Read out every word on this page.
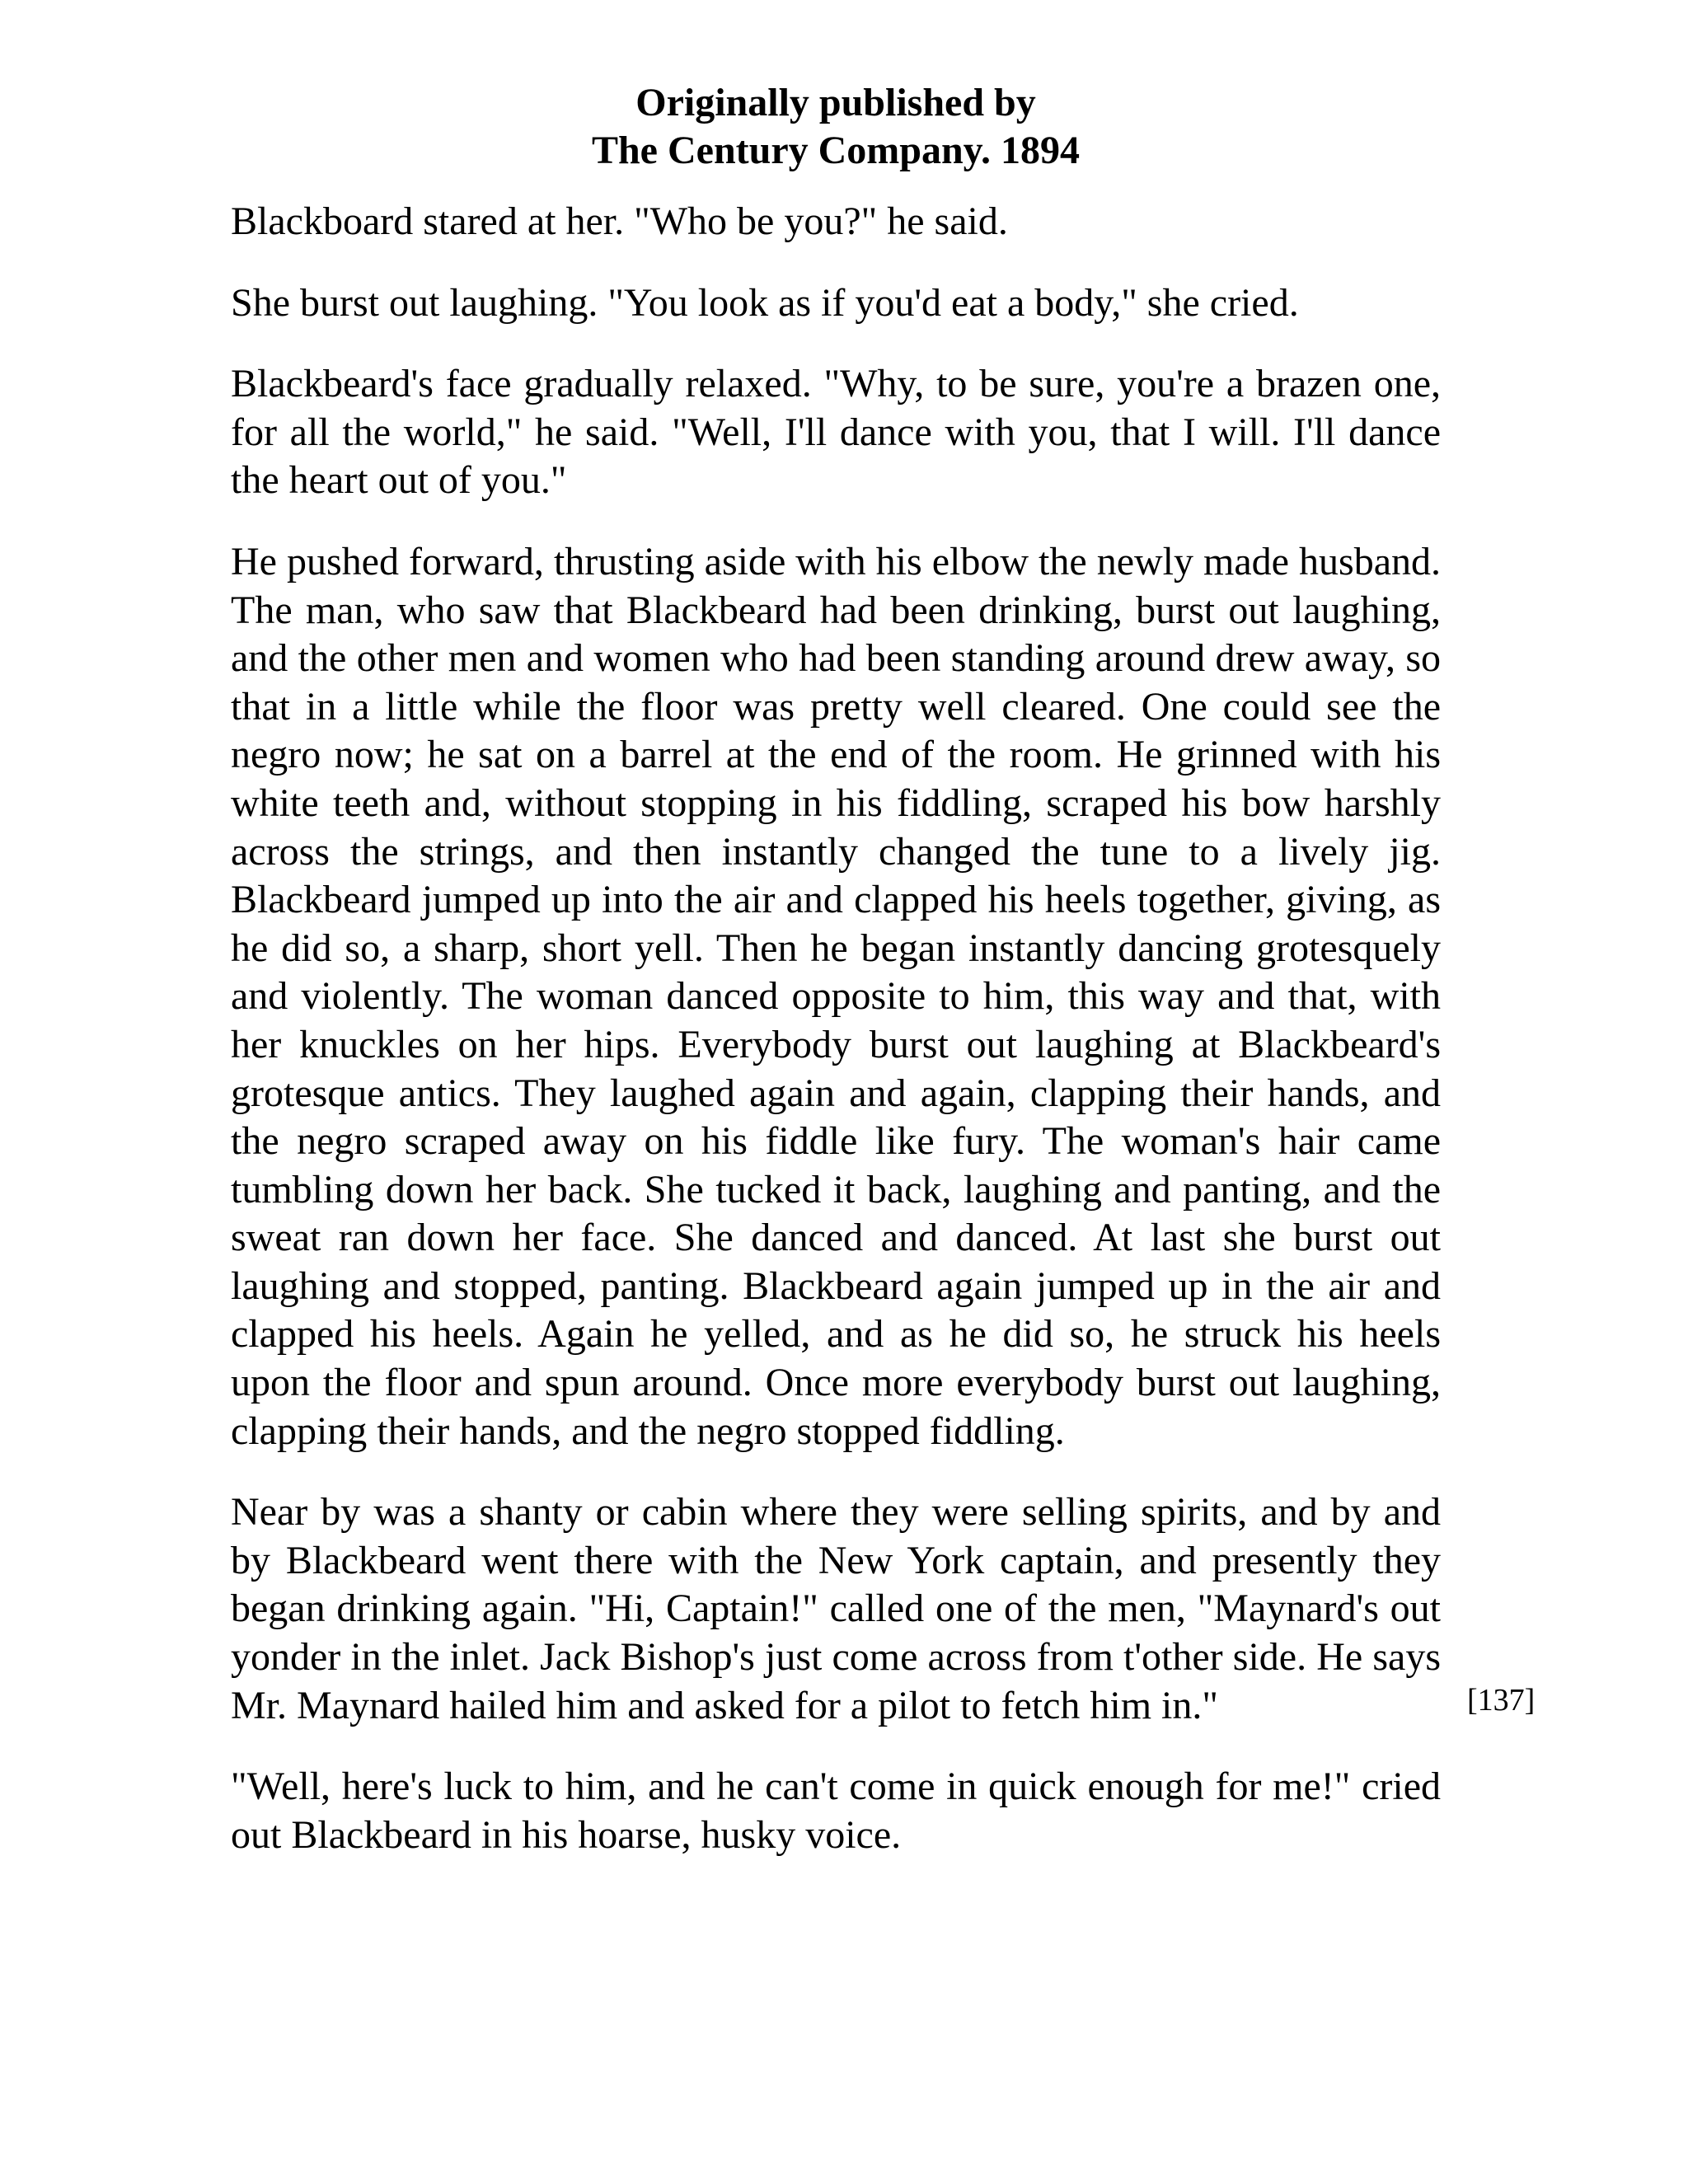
Originally published by
The Century Company. 1894

Blackboard stared at her. "Who be you?" he said.

She burst out laughing. "You look as if you'd eat a body," she cried.

Blackbeard's face gradually relaxed. "Why, to be sure, you're a brazen one, for all the world," he said. "Well, I'll dance with you, that I will. I'll dance the heart out of you."

He pushed forward, thrusting aside with his elbow the newly made husband. The man, who saw that Blackbeard had been drinking, burst out laughing, and the other men and women who had been standing around drew away, so that in a little while the floor was pretty well cleared. One could see the negro now; he sat on a barrel at the end of the room. He grinned with his white teeth and, without stopping in his fiddling, scraped his bow harshly across the strings, and then instantly changed the tune to a lively jig. Blackbeard jumped up into the air and clapped his heels together, giving, as he did so, a sharp, short yell. Then he began instantly dancing grotesquely and violently. The woman danced opposite to him, this way and that, with her knuckles on her hips. Everybody burst out laughing at Blackbeard's grotesque antics. They laughed again and again, clapping their hands, and the negro scraped away on his fiddle like fury. The woman's hair came tumbling down her back. She tucked it back, laughing and panting, and the sweat ran down her face. She danced and danced. At last she burst out laughing and stopped, panting. Blackbeard again jumped up in the air and clapped his heels. Again he yelled, and as he did so, he struck his heels upon the floor and spun around. Once more everybody burst out laughing, clapping their hands, and the negro stopped fiddling.

Near by was a shanty or cabin where they were selling spirits, and by and by Blackbeard went there with the New York captain, and presently they began drinking again. "Hi, Captain!" called one of the men, "Maynard's out yonder in the inlet. Jack Bishop's just come across from t'other side. He says Mr. Maynard hailed him and asked for a pilot to fetch him in."

"Well, here's luck to him, and he can't come in quick enough for me!" cried out Blackbeard in his hoarse, husky voice.

[137]
